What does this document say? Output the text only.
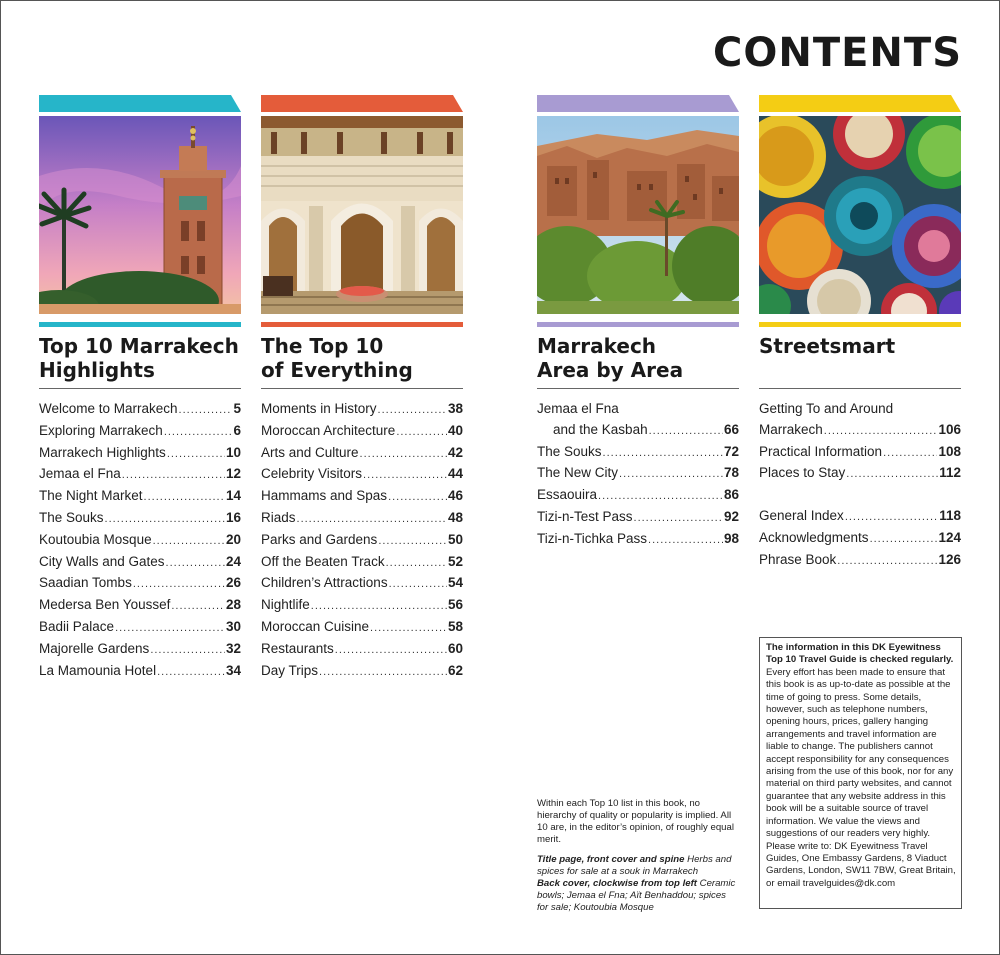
CONTENTS
Top 10 Marrakech
Highlights
Welcome to Marrakech .....	5
Exploring Marrakech .....	6
Marrakech Highlights .....	10
Jemaa el Fna .....	12
The Night Market .....	14
The Souks .....	16
Koutoubia Mosque .....	20
City Walls and Gates .....	24
Saadian Tombs .....	26
Medersa Ben Youssef .....	28
Badii Palace .....	30
Majorelle Gardens .....	32
La Mamounia Hotel .....	34
The Top 10
of Everything
Moments in History .....	38
Moroccan Architecture .....	40
Arts and Culture .....	42
Celebrity Visitors .....	44
Hammams and Spas .....	46
Riads .....	48
Parks and Gardens .....	50
Off the Beaten Track .....	52
Children’s Attractions .....	54
Nightlife .....	56
Moroccan Cuisine .....	58
Restaurants .....	60
Day Trips .....	62
Marrakech
Area by Area
Jemaa el Fna
and the Kasbah .....	66
The Souks .....	72
The New City .....	78
Essaouira .....	86
Tizi-n-Test Pass .....	92
Tizi-n-Tichka Pass .....	98
Streetsmart
Getting To and Around
Marrakech .....	106
Practical Information .....	108
Places to Stay .....	112
General Index .....	118
Acknowledgments .....	124
Phrase Book .....	126

Within each Top 10 list in this book, no hierarchy of quality or popularity is implied. All 10 are, in the editor’s opinion, of roughly equal merit.

Title page, front cover and spine Herbs and spices for sale at a souk in Marrakech
Back cover, clockwise from top left Ceramic bowls; Jemaa el Fna; Aït Benhaddou; spices for sale; Koutoubia Mosque

The information in this DK Eyewitness Top 10 Travel Guide is checked regularly. Every effort has been made to ensure that this book is as up-to-date as possible at the time of going to press. Some details, however, such as telephone numbers, opening hours, prices, gallery hanging arrangements and travel information are liable to change. The publishers cannot accept responsibility for any consequences arising from the use of this book, nor for any material on third party websites, and cannot guarantee that any website address in this book will be a suitable source of travel information. We value the views and suggestions of our readers very highly. Please write to: DK Eyewitness Travel Guides, One Embassy Gardens, 8 Viaduct Gardens, London, SW11 7BW, Great Britain, or email travelguides@dk.com
